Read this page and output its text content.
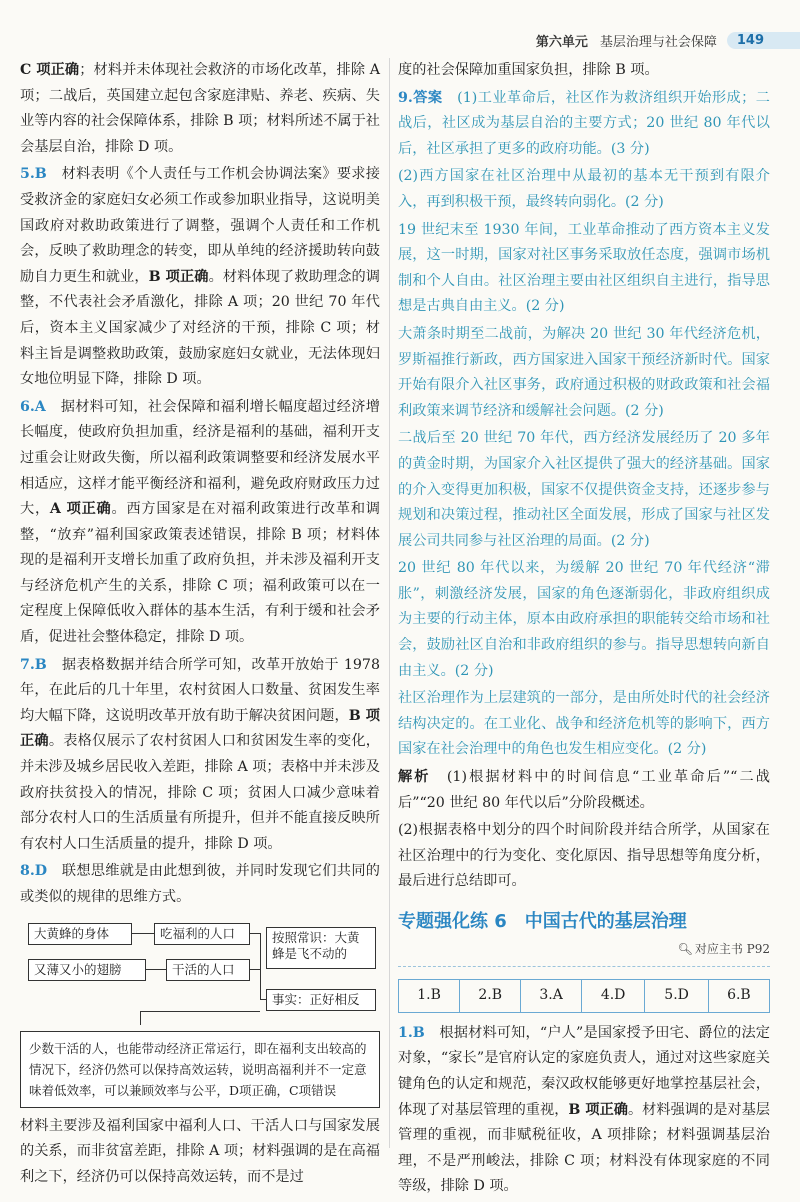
第六单元 基层治理与社会保障	149

C 项正确；材料并未体现社会救济的市场化改革，排除 A 项；二战后，英国建立起包含家庭津贴、养老、疾病、失业等内容的社会保障体系，排除 B 项；材料所述不属于社会基层自治，排除 D 项。

5.B　 材料表明《个人责任与工作机会协调法案》要求接受救济金的家庭妇女必须工作或参加职业指导，这说明美国政府对救助政策进行了调整，强调个人责任和工作机会，反映了救助理念的转变，即从单纯的经济援助转向鼓励自力更生和就业，B 项正确。材料体现了救助理念的调整，不代表社会矛盾激化，排除 A 项；20 世纪 70 年代后，资本主义国家减少了对经济的干预，排除 C 项；材料主旨是调整救助政策，鼓励家庭妇女就业，无法体现妇女地位明显下降，排除 D 项。

6.A　 据材料可知，社会保障和福利增长幅度超过经济增长幅度，使政府负担加重，经济是福利的基础，福利开支过重会让财政失衡，所以福利政策调整要和经济发展水平相适应，这样才能平衡经济和福利，避免政府财政压力过大，A 项正确。西方国家是在对福利政策进行改革和调整，“放弃”福利国家政策表述错误，排除 B 项；材料体现的是福利开支增长加重了政府负担，并未涉及福利开支与经济危机产生的关系，排除 C 项；福利政策可以在一定程度上保障低收入群体的基本生活，有利于缓和社会矛盾，促进社会整体稳定，排除 D 项。

7.B　 据表格数据并结合所学可知，改革开放始于 1978 年，在此后的几十年里，农村贫困人口数量、贫困发生率均大幅下降，这说明改革开放有助于解决贫困问题，B 项正确。表格仅展示了农村贫困人口和贫困发生率的变化，并未涉及城乡居民收入差距，排除 A 项；表格中并未涉及政府扶贫投入的情况，排除 C 项；贫困人口减少意味着部分农村人口的生活质量有所提升，但并不能直接反映所有农村人口生活质量的提升，排除 D 项。

8.D　 联想思维就是由此想到彼，并同时发现它们共同的或类似的规律的思维方式。

大黄蜂的身体	吃福利的人口
又薄又小的翅膀	干活的人口
按照常识：大黄蜂是飞不动的
事实：正好相反
少数干活的人，也能带动经济正常运行，即在福利支出较高的情况下，经济仍然可以保持高效运转，说明高福利并不一定意味着低效率，可以兼顾效率与公平，D项正确，C项错误

材料主要涉及福利国家中福利人口、干活人口与国家发展的关系，而非贫富差距，排除 A 项；材料强调的是在高福利之下，经济仍可以保持高效运转，而不是过

度的社会保障加重国家负担，排除 B 项。

9.答案　 (1)工业革命后，社区作为救济组织开始形成；二战后，社区成为基层自治的主要方式；20 世纪 80 年代以后，社区承担了更多的政府功能。(3 分)

(2)西方国家在社区治理中从最初的基本无干预到有限介入，再到积极干预，最终转向弱化。(2 分)

19 世纪末至 1930 年间，工业革命推动了西方资本主义发展，这一时期，国家对社区事务采取放任态度，强调市场机制和个人自由。社区治理主要由社区组织自主进行，指导思想是古典自由主义。(2 分)

大萧条时期至二战前，为解决 20 世纪 30 年代经济危机，罗斯福推行新政，西方国家进入国家干预经济新时代。国家开始有限介入社区事务，政府通过积极的财政政策和社会福利政策来调节经济和缓解社会问题。(2 分)

二战后至 20 世纪 70 年代，西方经济发展经历了 20 多年的黄金时期，为国家介入社区提供了强大的经济基础。国家的介入变得更加积极，国家不仅提供资金支持，还逐步参与规划和决策过程，推动社区全面发展，形成了国家与社区发展公司共同参与社区治理的局面。(2 分)

20 世纪 80 年代以来，为缓解 20 世纪 70 年代经济“滞胀”，刺激经济发展，国家的角色逐渐弱化，非政府组织成为主要的行动主体，原本由政府承担的职能转交给市场和社会，鼓励社区自治和非政府组织的参与。指导思想转向新自由主义。(2 分)

社区治理作为上层建筑的一部分，是由所处时代的社会经济结构决定的。在工业化、战争和经济危机等的影响下，西方国家在社会治理中的角色也发生相应变化。(2 分)

解析　 (1)根据材料中的时间信息“工业革命后”“二战后”“20 世纪 80 年代以后”分阶段概述。

(2)根据表格中划分的四个时间阶段并结合所学，从国家在社区治理中的行为变化、变化原因、指导思想等角度分析，最后进行总结即可。

专题强化练 6　中国古代的基层治理
🔍︎ 对应主书 P92
1.B	2.B	3.A	4.D	5.D	6.B

1.B　 根据材料可知，“户人”是国家授予田宅、爵位的法定对象，“家长”是官府认定的家庭负责人，通过对这些家庭关键角色的认定和规范，秦汉政权能够更好地掌控基层社会，体现了对基层管理的重视，B 项正确。材料强调的是对基层管理的重视，而非赋税征收，A 项排除；材料强调基层治理，不是严刑峻法，排除 C 项；材料没有体现家庭的不同等级，排除 D 项。
